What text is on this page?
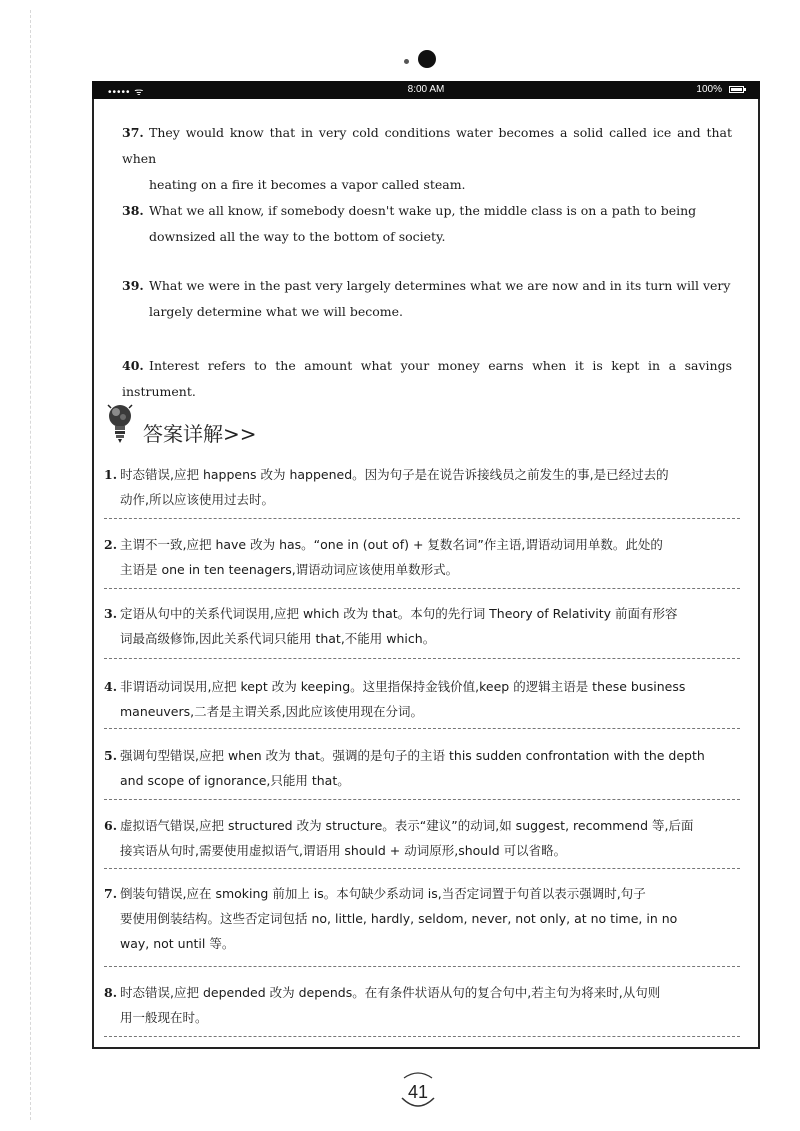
••••• ᯤ	8:00 AM	100%
37. They would know that in very cold conditions water becomes a solid called ice and that when
heating on a fire it becomes a vapor called steam.
38. What we all know, if somebody doesn't wake up, the middle class is on a path to being
downsized all the way to the bottom of society.
39. What we were in the past very largely determines what we are now and in its turn will very
largely determine what we will become.
40. Interest refers to the amount what your money earns when it is kept in a savings instrument.
答案详解>>
1. 时态错误,应把 happens 改为 happened。因为句子是在说告诉接线员之前发生的事,是已经过去的
动作,所以应该使用过去时。
2. 主谓不一致,应把 have 改为 has。“one in (out of) + 复数名词”作主语,谓语动词用单数。此处的
主语是 one in ten teenagers,谓语动词应该使用单数形式。
3. 定语从句中的关系代词误用,应把 which 改为 that。本句的先行词 Theory of Relativity 前面有形容
词最高级修饰,因此关系代词只能用 that,不能用 which。
4. 非谓语动词误用,应把 kept 改为 keeping。这里指保持金钱价值,keep 的逻辑主语是 these business
maneuvers,二者是主谓关系,因此应该使用现在分词。
5. 强调句型错误,应把 when 改为 that。强调的是句子的主语 this sudden confrontation with the depth
and scope of ignorance,只能用 that。
6. 虚拟语气错误,应把 structured 改为 structure。表示“建议”的动词,如 suggest, recommend 等,后面
接宾语从句时,需要使用虚拟语气,谓语用 should + 动词原形,should 可以省略。
7. 倒装句错误,应在 smoking 前加上 is。本句缺少系动词 is,当否定词置于句首以表示强调时,句子
要使用倒装结构。这些否定词包括 no, little, hardly, seldom, never, not only, at no time, in no
way, not until 等。
8. 时态错误,应把 depended 改为 depends。在有条件状语从句的复合句中,若主句为将来时,从句则
用一般现在时。
41
